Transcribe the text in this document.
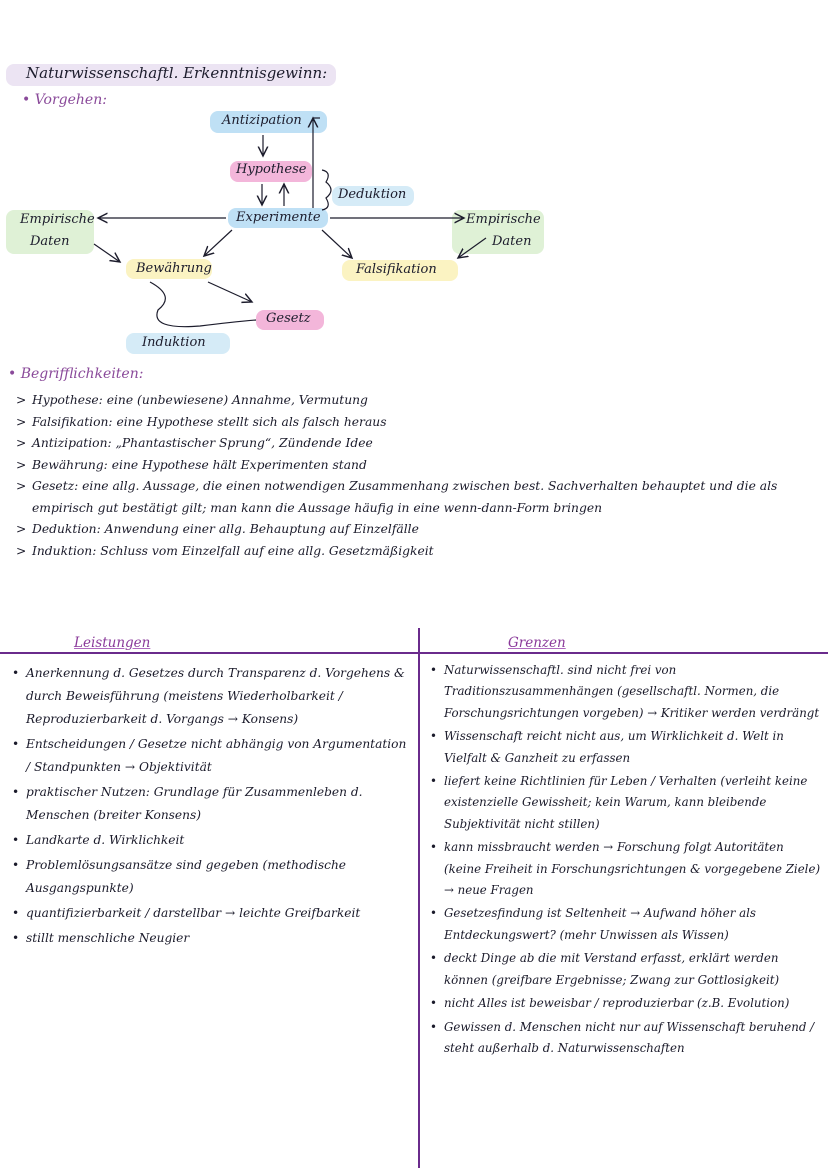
Naturwissenschaftl. Erkenntnisgewinn:
• Vorgehen:
Antizipation
Hypothese
Deduktion
Experimente
Empirische
Daten
Empirische
Daten
Bewährung	Falsifikation
Gesetz
Induktion
• Begrifflichkeiten:
> Hypothese: eine (unbewiesene) Annahme, Vermutung
> Falsifikation: eine Hypothese stellt sich als falsch heraus
> Antizipation: „Phantastischer Sprung“, Zündende Idee
> Bewährung: eine Hypothese hält Experimenten stand
> Gesetz: eine allg. Aussage, die einen notwendigen Zusammenhang zwischen best. Sachverhalten behauptet und die als empirisch gut bestätigt gilt; man kann die Aussage häufig in eine wenn-dann-Form bringen
> Deduktion: Anwendung einer allg. Behauptung auf Einzelfälle
> Induktion: Schluss vom Einzelfall auf eine allg. Gesetzmäßigkeit
Leistungen	Grenzen
• Anerkennung d. Gesetzes durch Transparenz d. Vorgehens & durch Beweisführung (meistens Wiederholbarkeit / Reproduzierbarkeit d. Vorgangs → Konsens)
• Entscheidungen / Gesetze nicht abhängig von Argumentation / Standpunkten → Objektivität
• praktischer Nutzen: Grundlage für Zusammenleben d. Menschen (breiter Konsens)
• Landkarte d. Wirklichkeit
• Problemlösungsansätze sind gegeben (methodische Ausgangspunkte)
• quantifizierbarkeit / darstellbar → leichte Greifbarkeit
• stillt menschliche Neugier
• Naturwissenschaftl. sind nicht frei von Traditionszusammenhängen (gesellschaftl. Normen, die Forschungsrichtungen vorgeben) → Kritiker werden verdrängt
• Wissenschaft reicht nicht aus, um Wirklichkeit d. Welt in Vielfalt & Ganzheit zu erfassen
• liefert keine Richtlinien für Leben / Verhalten (verleiht keine existenzielle Gewissheit; kein Warum, kann bleibende Subjektivität nicht stillen)
• kann missbraucht werden → Forschung folgt Autoritäten (keine Freiheit in Forschungsrichtungen & vorgegebene Ziele) → neue Fragen
• Gesetzesfindung ist Seltenheit → Aufwand höher als Entdeckungswert? (mehr Unwissen als Wissen)
• deckt Dinge ab die mit Verstand erfasst, erklärt werden können (greifbare Ergebnisse; Zwang zur Gottlosigkeit)
• nicht Alles ist beweisbar / reproduzierbar (z.B. Evolution)
• Gewissen d. Menschen nicht nur auf Wissenschaft beruhend / steht außerhalb d. Naturwissenschaften
